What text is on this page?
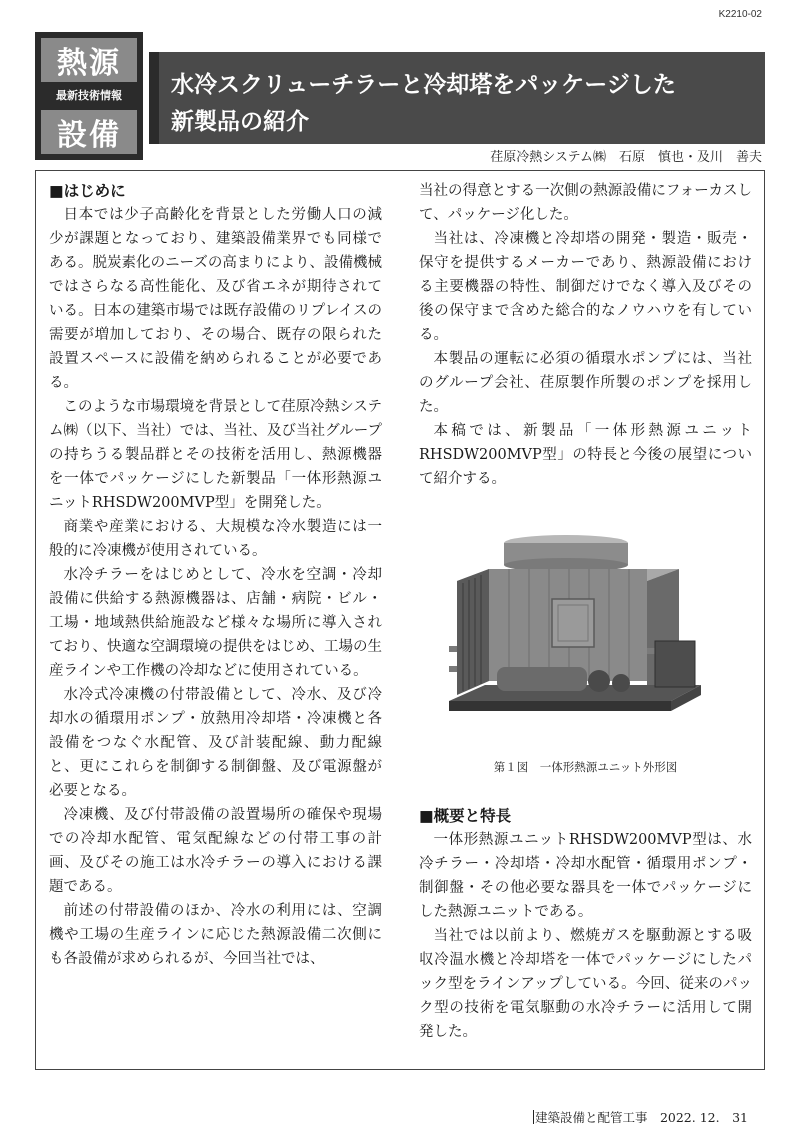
K2210-02
熱源
最新技術情報
設備
水冷スクリューチラーと冷却塔をパッケージした
新製品の紹介
荏原冷熱システム㈱　石原　慎也・及川　善夫
■はじめに

日本では少子高齢化を背景とした労働人口の減少が課題となっており、建築設備業界でも同様である。脱炭素化のニーズの高まりにより、設備機械ではさらなる高性能化、及び省エネが期待されている。日本の建築市場では既存設備のリプレイスの需要が増加しており、その場合、既存の限られた設置スペースに設備を納められることが必要である。

このような市場環境を背景として荏原冷熱システム㈱（以下、当社）では、当社、及び当社グループの持ちうる製品群とその技術を活用し、熱源機器を一体でパッケージにした新製品「一体形熱源ユニットRHSDW200MVP型」を開発した。

商業や産業における、大規模な冷水製造には一般的に冷凍機が使用されている。

水冷チラーをはじめとして、冷水を空調・冷却設備に供給する熱源機器は、店舗・病院・ビル・工場・地域熱供給施設など様々な場所に導入されており、快適な空調環境の提供をはじめ、工場の生産ラインや工作機の冷却などに使用されている。

水冷式冷凍機の付帯設備として、冷水、及び冷却水の循環用ポンプ・放熱用冷却塔・冷凍機と各設備をつなぐ水配管、及び計装配線、動力配線と、更にこれらを制御する制御盤、及び電源盤が必要となる。

冷凍機、及び付帯設備の設置場所の確保や現場での冷却水配管、電気配線などの付帯工事の計画、及びその施工は水冷チラーの導入における課題である。

前述の付帯設備のほか、冷水の利用には、空調機や工場の生産ラインに応じた熱源設備二次側にも各設備が求められるが、今回当社では、

当社の得意とする一次側の熱源設備にフォーカスして、パッケージ化した。

当社は、冷凍機と冷却塔の開発・製造・販売・保守を提供するメーカーであり、熱源設備における主要機器の特性、制御だけでなく導入及びその後の保守まで含めた総合的なノウハウを有している。

本製品の運転に必須の循環水ポンプには、当社のグループ会社、荏原製作所製のポンプを採用した。

本稿では、新製品「一体形熱源ユニットRHSDW200MVP型」の特長と今後の展望について紹介する。

第１図　一体形熱源ユニット外形図
■概要と特長

一体形熱源ユニットRHSDW200MVP型は、水冷チラー・冷却塔・冷却水配管・循環用ポンプ・制御盤・その他必要な器具を一体でパッケージにした熱源ユニットである。

当社では以前より、燃焼ガスを駆動源とする吸収冷温水機と冷却塔を一体でパッケージにしたパック型をラインアップしている。今回、従来のパック型の技術を電気駆動の水冷チラーに活用して開発した。

建築設備と配管工事　2022. 12.　31
